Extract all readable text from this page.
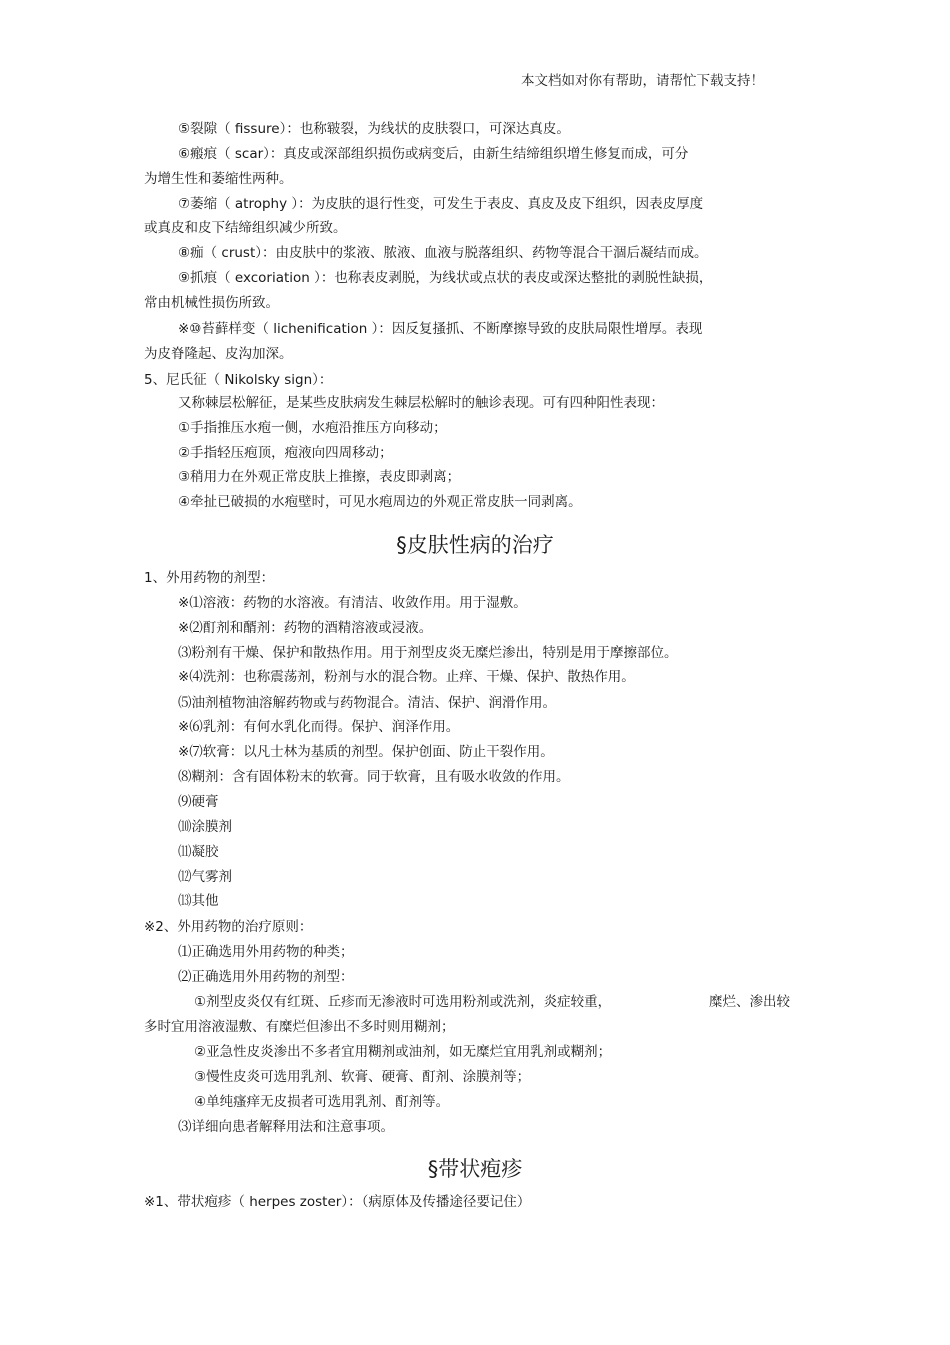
本文档如对你有帮助，请帮忙下载支持！
⑤裂隙（ fissure）：也称皲裂，为线状的皮肤裂口，可深达真皮。
⑥瘢痕（ scar）：真皮或深部组织损伤或病变后，由新生结缔组织增生修复而成，可分
为增生性和萎缩性两种。
⑦萎缩（ atrophy ）：为皮肤的退行性变，可发生于表皮、真皮及皮下组织，因表皮厚度
或真皮和皮下结缔组织减少所致。
⑧痂（ crust）：由皮肤中的浆液、脓液、血液与脱落组织、药物等混合干涸后凝结而成。
⑨抓痕（ excoriation ）：也称表皮剥脱，为线状或点状的表皮或深达整批的剥脱性缺损，
常由机械性损伤所致。
※⑩苔藓样变（ lichenification ）：因反复搔抓、不断摩擦导致的皮肤局限性增厚。表现
为皮脊隆起、皮沟加深。
5、尼氏征（ Nikolsky sign）：
又称棘层松解征，是某些皮肤病发生棘层松解时的触诊表现。可有四种阳性表现：
①手指推压水疱一侧，水疱沿推压方向移动；
②手指轻压疱顶，疱液向四周移动；
③稍用力在外观正常皮肤上推擦，表皮即剥离；
④牵扯已破损的水疱壁时，可见水疱周边的外观正常皮肤一同剥离。
§皮肤性病的治疗
1、外用药物的剂型：
※⑴溶液：药物的水溶液。有清洁、收敛作用。用于湿敷。
※⑵酊剂和醑剂：药物的酒精溶液或浸液。
⑶粉剂有干燥、保护和散热作用。用于剂型皮炎无糜烂渗出，特别是用于摩擦部位。
※⑷洗剂：也称震荡剂，粉剂与水的混合物。止痒、干燥、保护、散热作用。
⑸油剂植物油溶解药物或与药物混合。清洁、保护、润滑作用。
※⑹乳剂：有何水乳化而得。保护、润泽作用。
※⑺软膏：以凡士林为基质的剂型。保护创面、防止干裂作用。
⑻糊剂：含有固体粉末的软膏。同于软膏，且有吸水收敛的作用。
⑼硬膏
⑽涂膜剂
⑾凝胶
⑿气雾剂
⒀其他
※2、外用药物的治疗原则：
⑴正确选用外用药物的种类；
⑵正确选用外用药物的剂型：
①剂型皮炎仅有红斑、丘疹而无渗液时可选用粉剂或洗剂，炎症较重，	糜烂、渗出较
多时宜用溶液湿敷、有糜烂但渗出不多时则用糊剂；
②亚急性皮炎渗出不多者宜用糊剂或油剂，如无糜烂宜用乳剂或糊剂；
③慢性皮炎可选用乳剂、软膏、硬膏、酊剂、涂膜剂等；
④单纯瘙痒无皮损者可选用乳剂、酊剂等。
⑶详细向患者解释用法和注意事项。
§带状疱疹
※1、带状疱疹（ herpes zoster）：（病原体及传播途径要记住）
